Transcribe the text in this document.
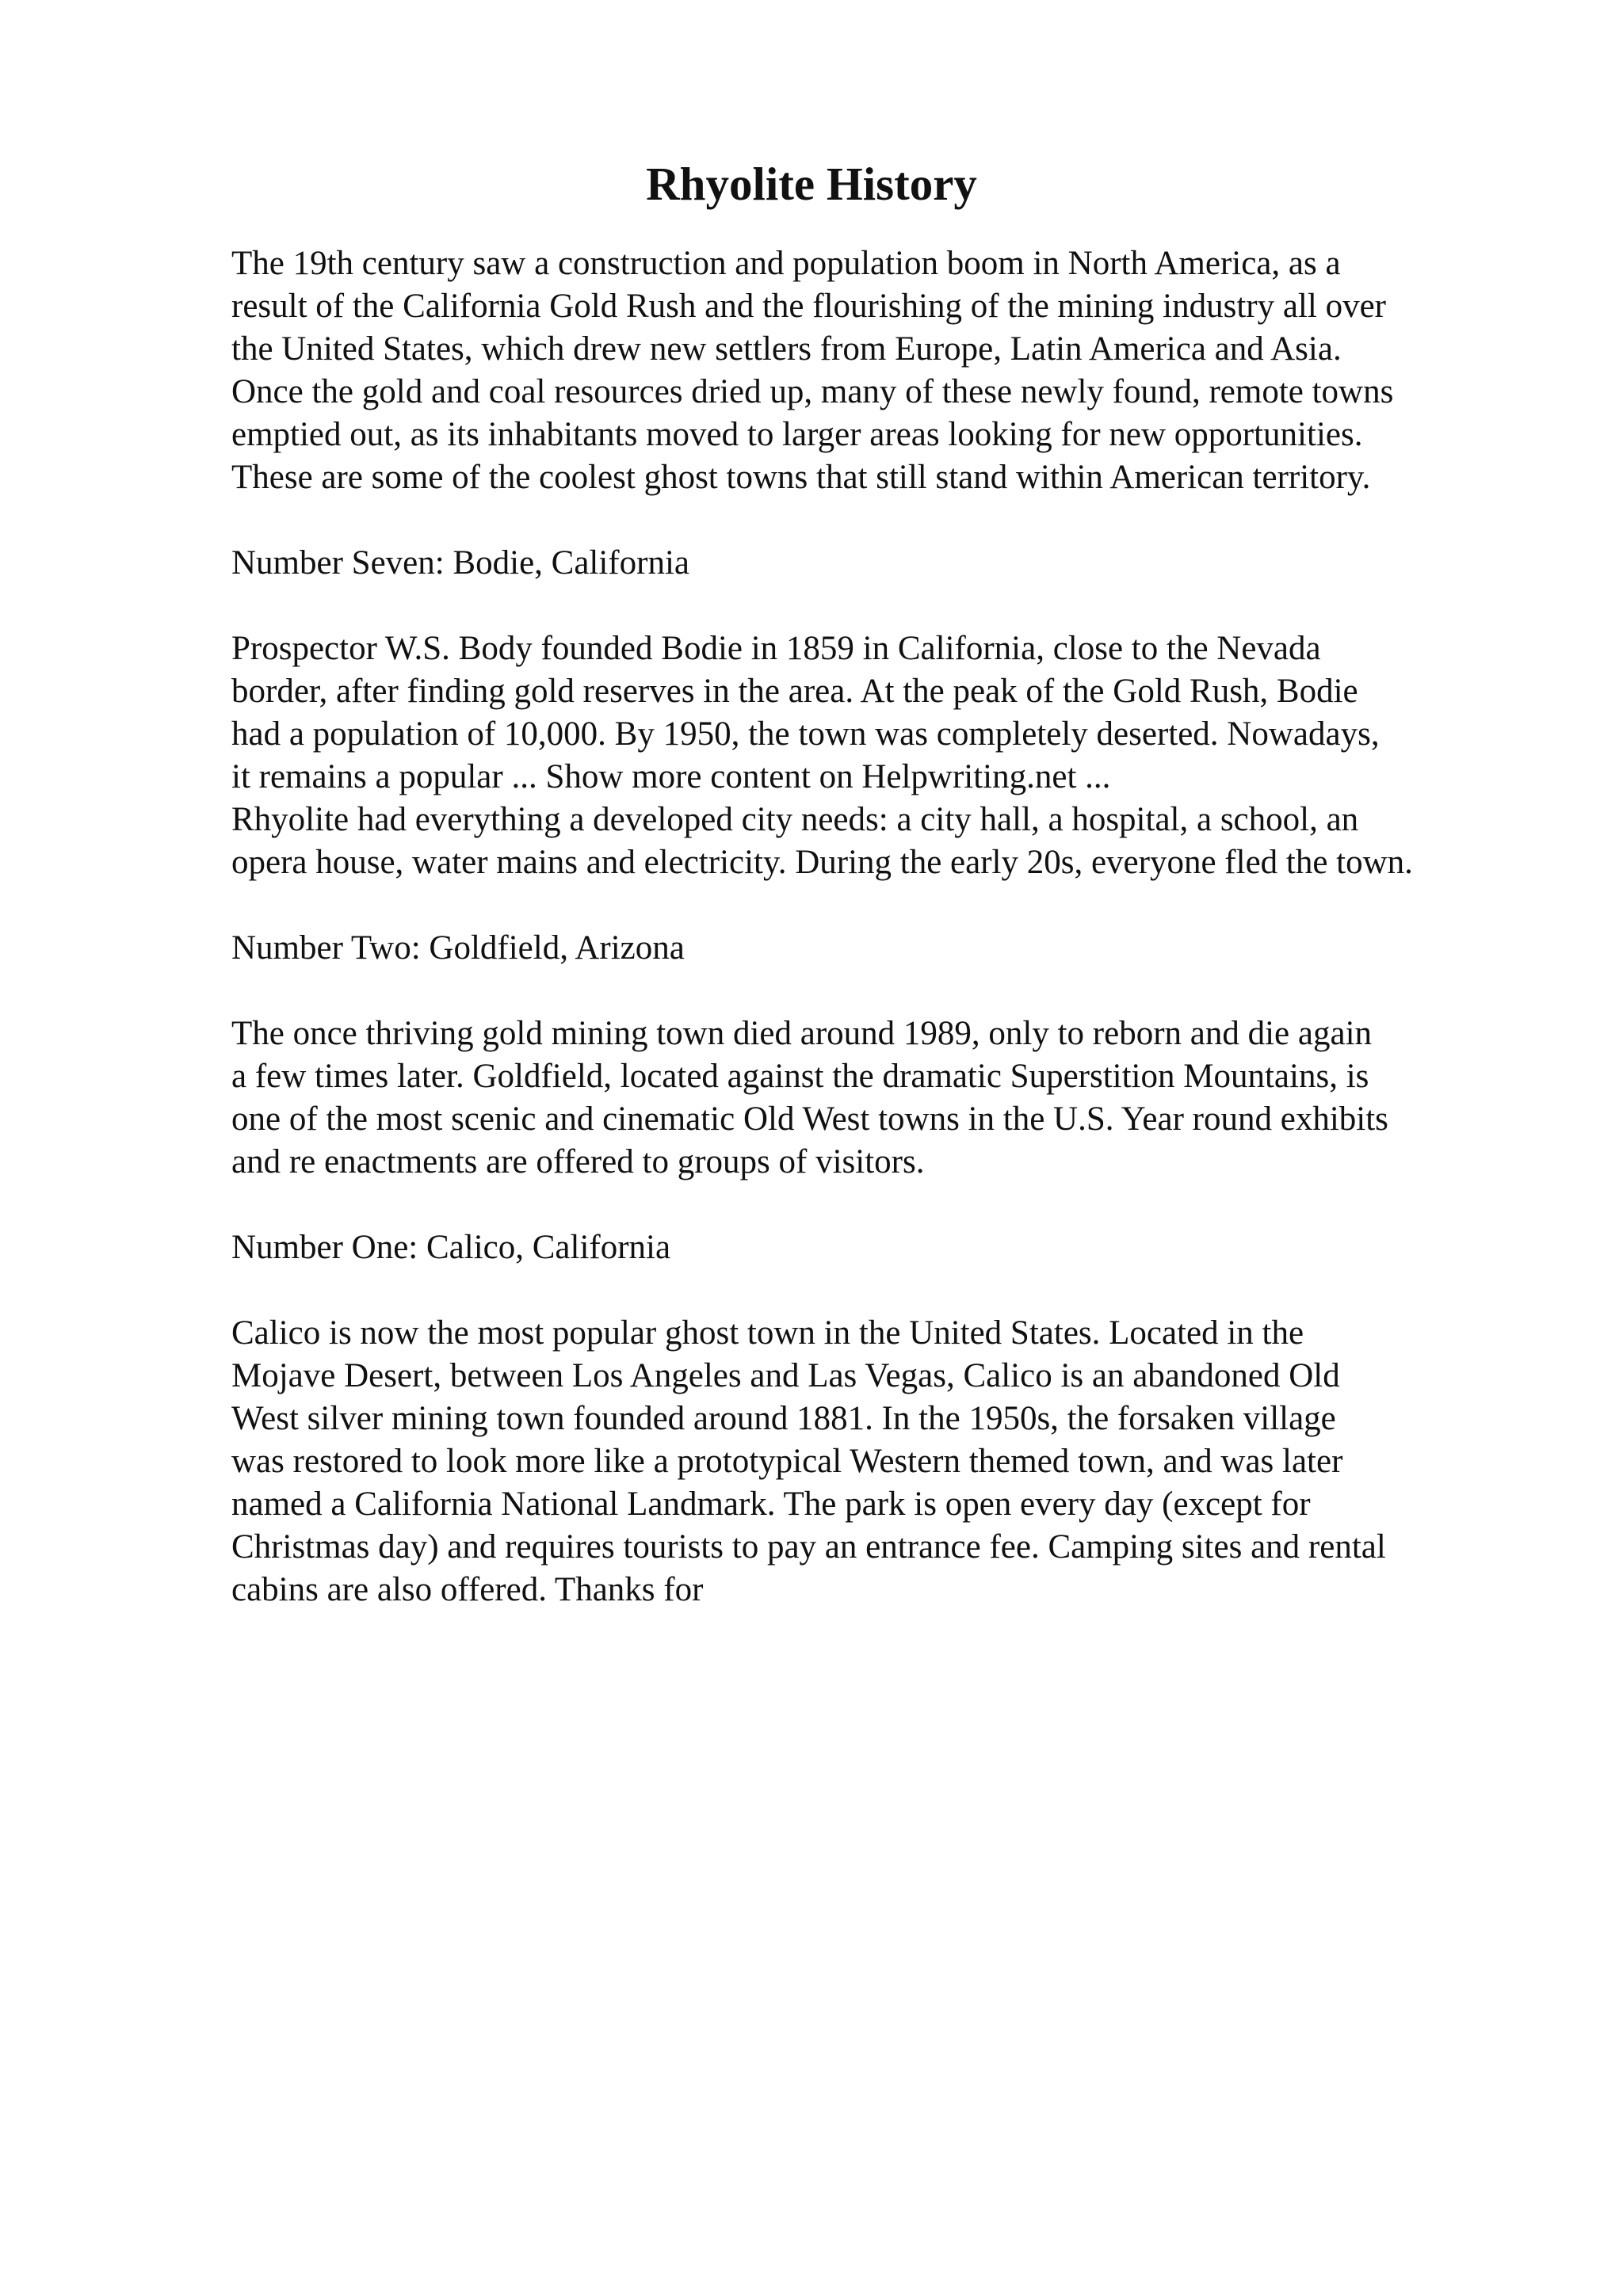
Rhyolite History
The 19th century saw a construction and population boom in North America, as a
result of the California Gold Rush and the flourishing of the mining industry all over
the United States, which drew new settlers from Europe, Latin America and Asia.
Once the gold and coal resources dried up, many of these newly found, remote towns
emptied out, as its inhabitants moved to larger areas looking for new opportunities.
These are some of the coolest ghost towns that still stand within American territory.
Number Seven: Bodie, California
Prospector W.S. Body founded Bodie in 1859 in California, close to the Nevada
border, after finding gold reserves in the area. At the peak of the Gold Rush, Bodie
had a population of 10,000. By 1950, the town was completely deserted. Nowadays,
it remains a popular ... Show more content on Helpwriting.net ...
Rhyolite had everything a developed city needs: a city hall, a hospital, a school, an
opera house, water mains and electricity. During the early 20s, everyone fled the town.
Number Two: Goldfield, Arizona
The once thriving gold mining town died around 1989, only to reborn and die again
a few times later. Goldfield, located against the dramatic Superstition Mountains, is
one of the most scenic and cinematic Old West towns in the U.S. Year round exhibits
and re enactments are offered to groups of visitors.
Number One: Calico, California
Calico is now the most popular ghost town in the United States. Located in the
Mojave Desert, between Los Angeles and Las Vegas, Calico is an abandoned Old
West silver mining town founded around 1881. In the 1950s, the forsaken village
was restored to look more like a prototypical Western themed town, and was later
named a California National Landmark. The park is open every day (except for
Christmas day) and requires tourists to pay an entrance fee. Camping sites and rental
cabins are also offered. Thanks for
